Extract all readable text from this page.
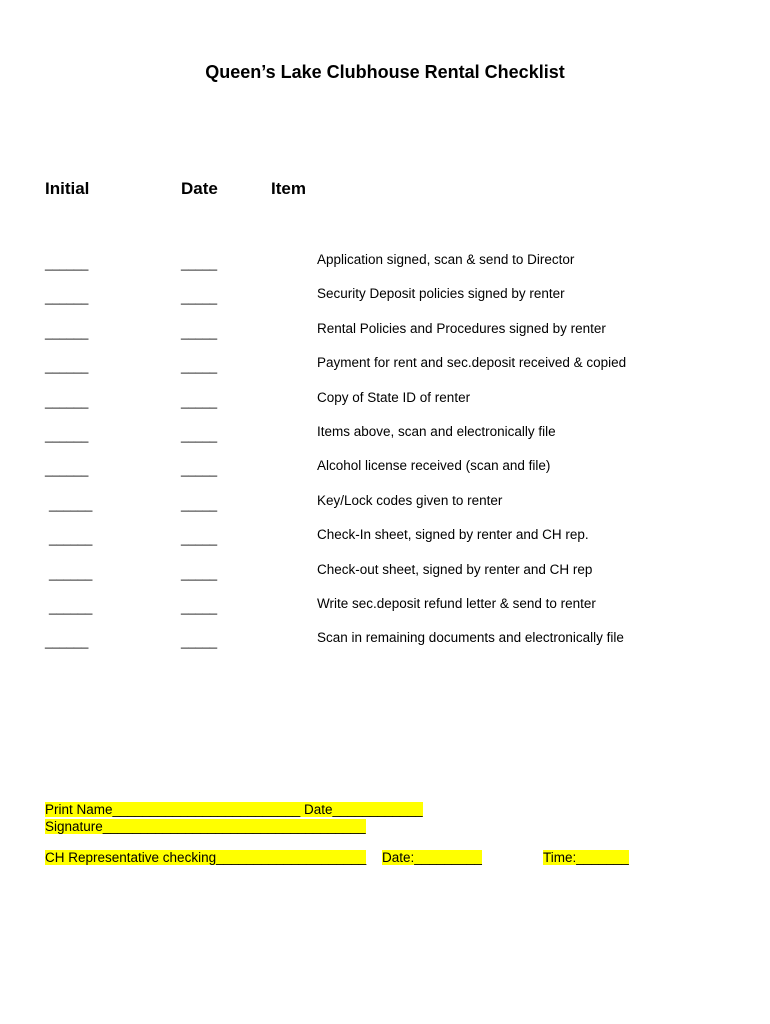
Queen’s Lake Clubhouse Rental Checklist
Initial	Date	Item
______	_____	Application signed, scan & send to Director
______	_____	Security Deposit policies signed by renter
______	_____	Rental Policies and Procedures signed by renter
______	_____	Payment for rent and sec.deposit received & copied
______	_____	Copy of State ID of renter
______	_____	Items above, scan and electronically file
______	_____	Alcohol license received (scan and file)
______	_____	Key/Lock codes given to renter
______	_____	Check-In sheet, signed by renter and CH rep.
______	_____	Check-out sheet, signed by renter and CH rep
______	_____	Write sec.deposit refund letter & send to renter
______	_____	Scan in remaining documents and electronically file
Print Name_________________________ Date____________
Signature___________________________________
CH Representative checking____________________ Date:_________	Time:_______
